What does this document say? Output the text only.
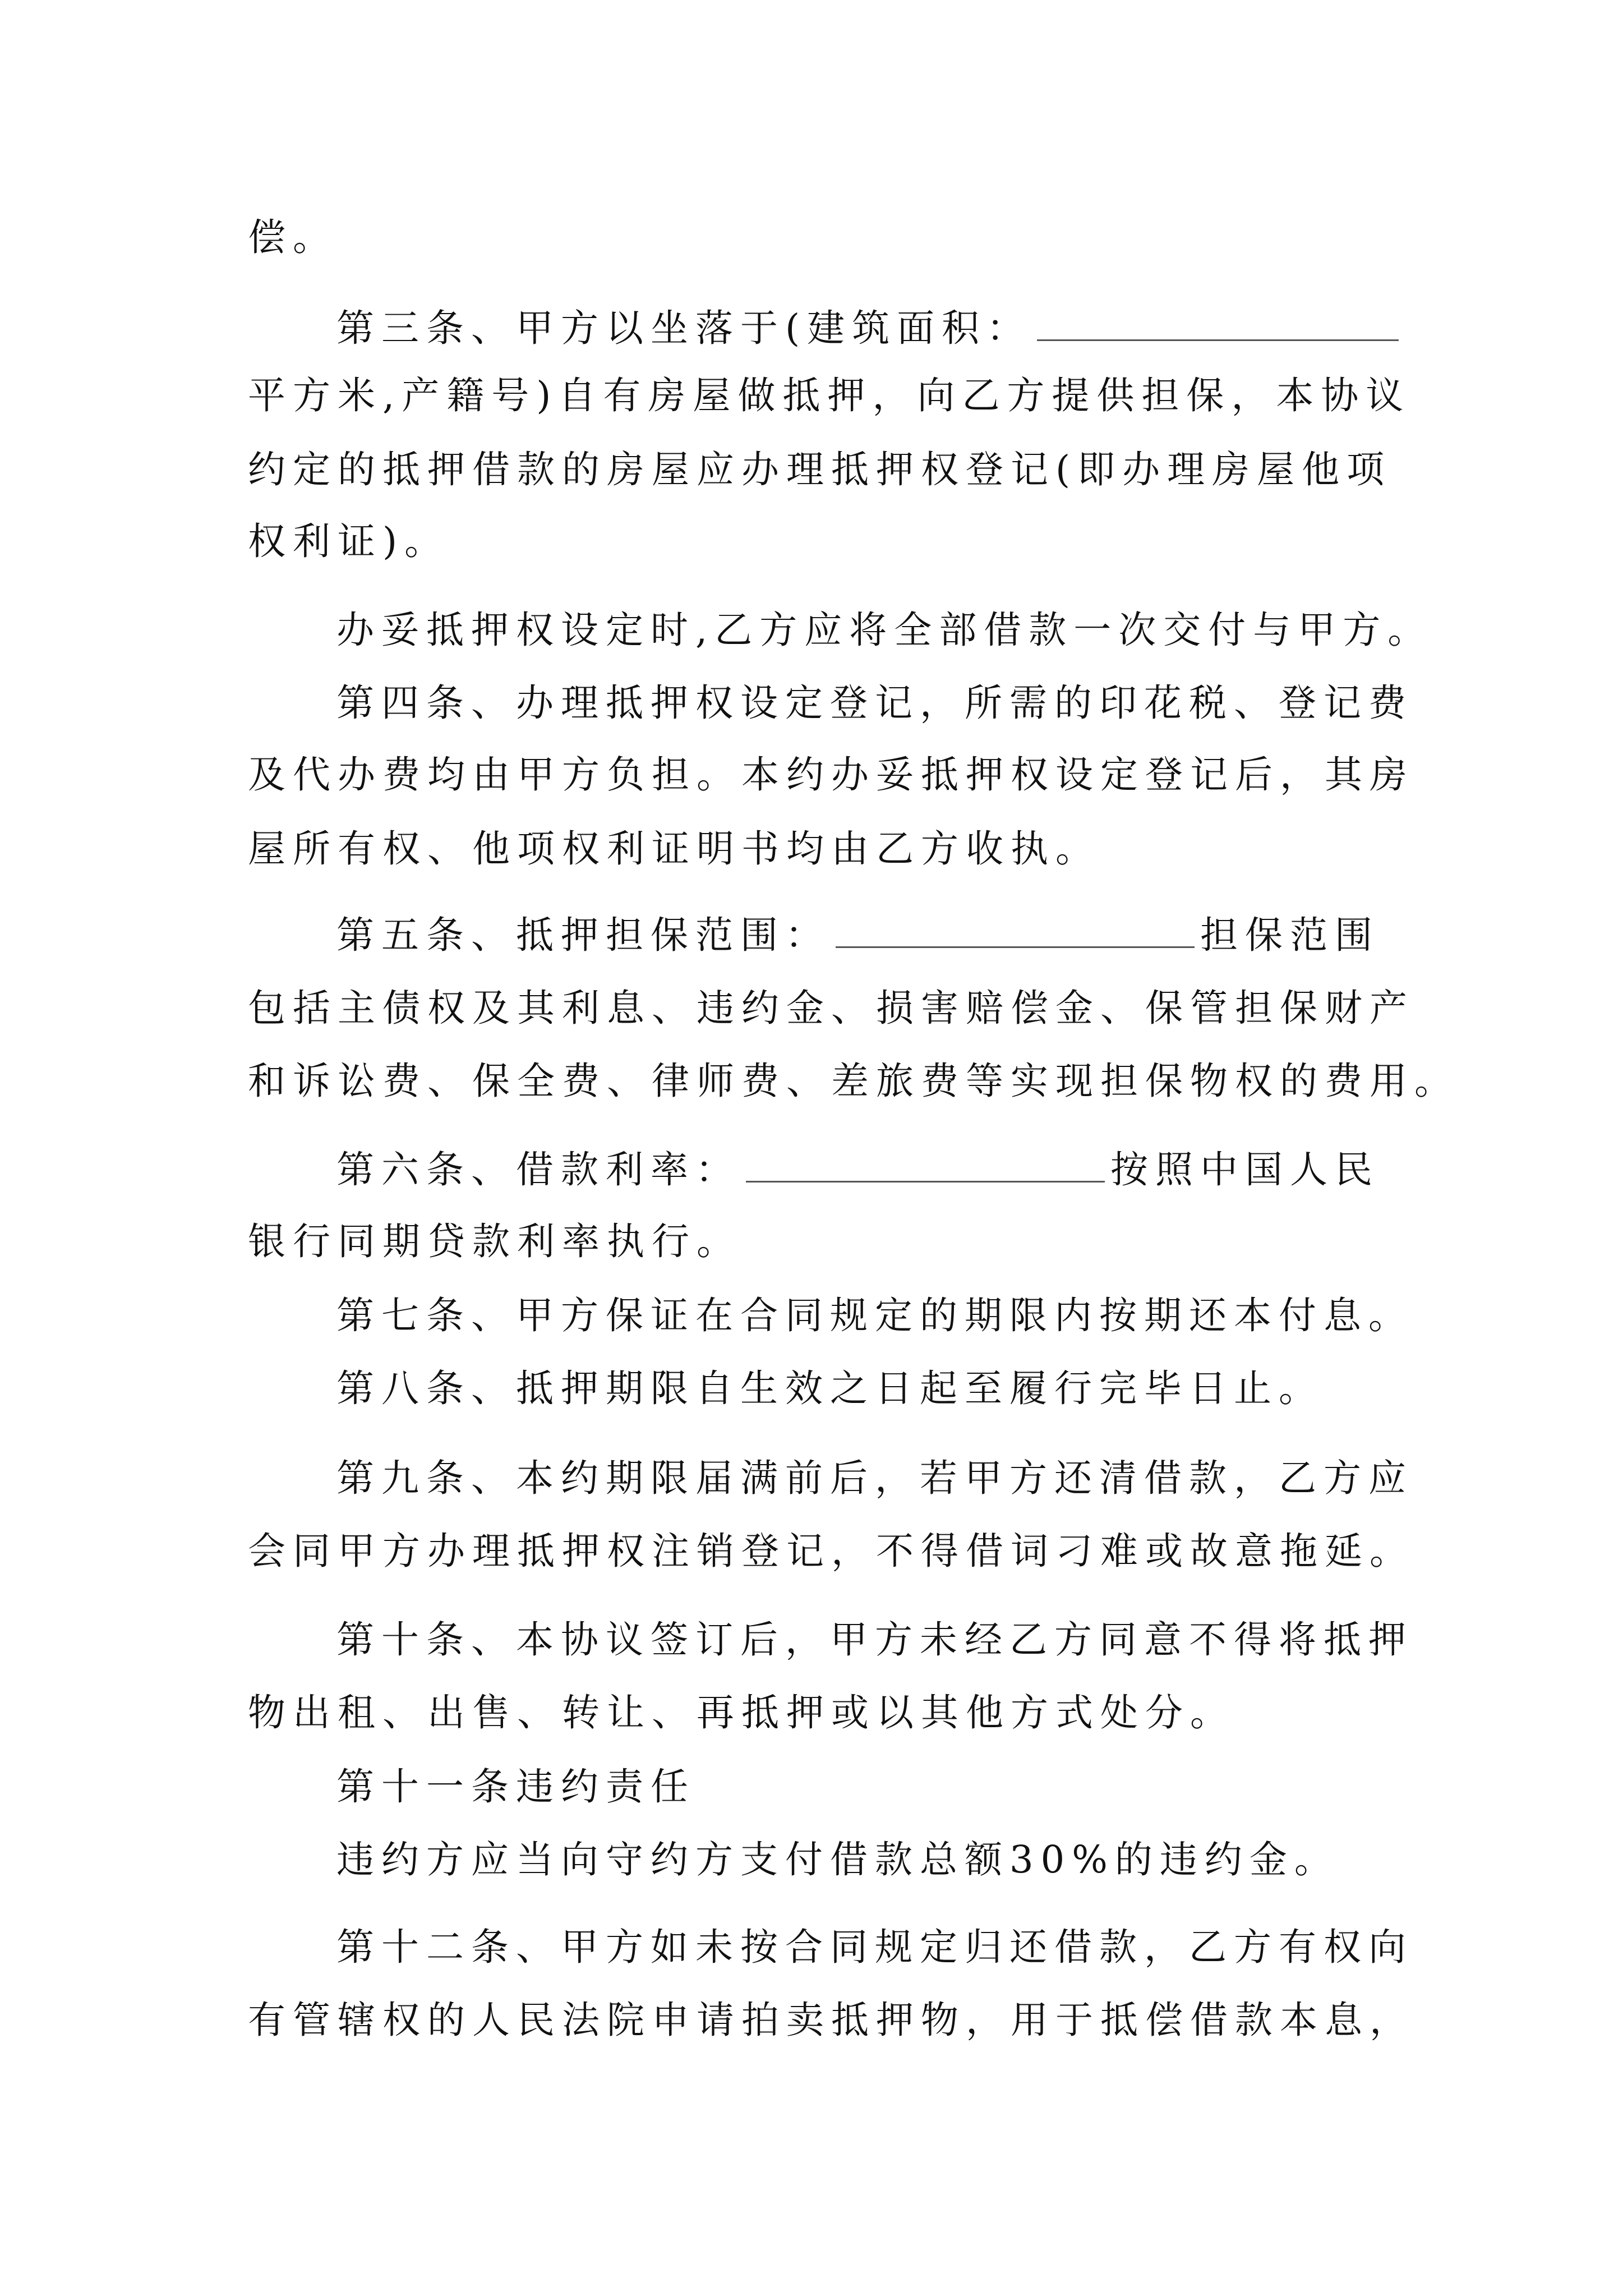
偿。
第三条、甲方以坐落于(建筑面积：
平方米,产籍号)自有房屋做抵押，向乙方提供担保，本协议
约定的抵押借款的房屋应办理抵押权登记(即办理房屋他项
权利证)。
办妥抵押权设定时,乙方应将全部借款一次交付与甲方。
第四条、办理抵押权设定登记，所需的印花税、登记费
及代办费均由甲方负担。本约办妥抵押权设定登记后，其房
屋所有权、他项权利证明书均由乙方收执。
第五条、抵押担保范围：	担保范围
包括主债权及其利息、违约金、损害赔偿金、保管担保财产
和诉讼费、保全费、律师费、差旅费等实现担保物权的费用。
第六条、借款利率：	按照中国人民
银行同期贷款利率执行。
第七条、甲方保证在合同规定的期限内按期还本付息。
第八条、抵押期限自生效之日起至履行完毕日止。
第九条、本约期限届满前后，若甲方还清借款，乙方应
会同甲方办理抵押权注销登记，不得借词刁难或故意拖延。
第十条、本协议签订后，甲方未经乙方同意不得将抵押
物出租、出售、转让、再抵押或以其他方式处分。
第十一条违约责任
违约方应当向守约方支付借款总额30%的违约金。
第十二条、甲方如未按合同规定归还借款，乙方有权向
有管辖权的人民法院申请拍卖抵押物，用于抵偿借款本息，
